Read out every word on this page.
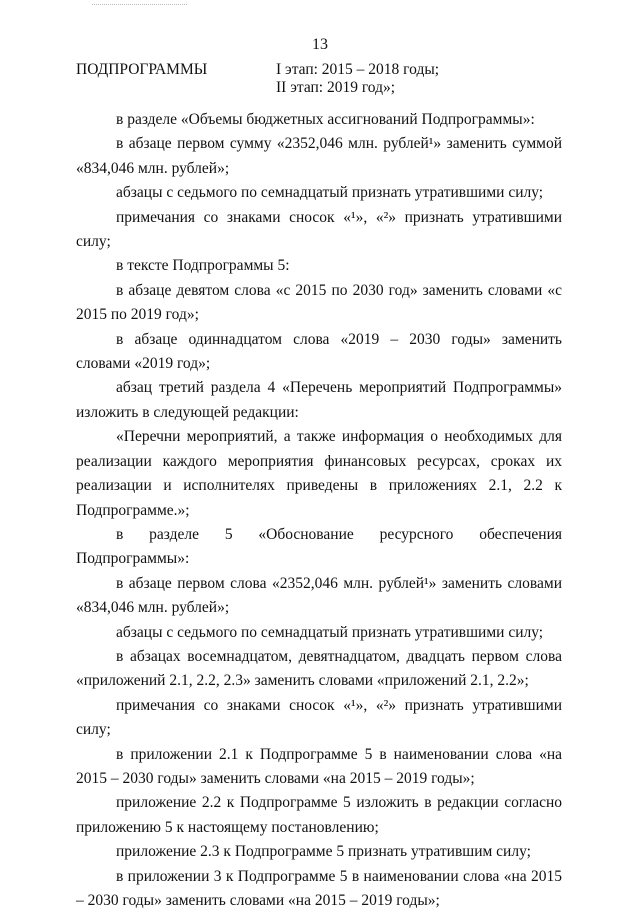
13
ПОДПРОГРАММЫ	I этап: 2015 – 2018 годы;
II этап: 2019 год»;

в разделе «Объемы бюджетных ассигнований Подпрограммы»:

в абзаце первом сумму «2352,046 млн. рублей¹» заменить суммой «834,046 млн. рублей»;

абзацы с седьмого по семнадцатый признать утратившими силу;

примечания со знаками сносок «¹», «²» признать утратившими силу;

в тексте Подпрограммы 5:

в абзаце девятом слова «с 2015 по 2030 год» заменить словами «с 2015 по 2019 год»;

в абзаце одиннадцатом слова «2019 – 2030 годы» заменить словами «2019 год»;

абзац третий раздела 4 «Перечень мероприятий Подпрограммы» изложить в следующей редакции:

«Перечни мероприятий, а также информация о необходимых для реализации каждого мероприятия финансовых ресурсах, сроках их реализации и исполнителях приведены в приложениях 2.1, 2.2 к Подпрограмме.»;

в разделе 5 «Обоснование ресурсного обеспечения Подпрограммы»:

в абзаце первом слова «2352,046 млн. рублей¹» заменить словами «834,046 млн. рублей»;

абзацы с седьмого по семнадцатый признать утратившими силу;

в абзацах восемнадцатом, девятнадцатом, двадцать первом слова «приложений 2.1, 2.2, 2.3» заменить словами «приложений 2.1, 2.2»;

примечания со знаками сносок «¹», «²» признать утратившими силу;

в приложении 2.1 к Подпрограмме 5 в наименовании слова «на 2015 – 2030 годы» заменить словами «на 2015 – 2019 годы»;

приложение 2.2 к Подпрограмме 5 изложить в редакции согласно приложению 5 к настоящему постановлению;

приложение 2.3 к Подпрограмме 5 признать утратившим силу;

в приложении 3 к Подпрограмме 5 в наименовании слова «на 2015 – 2030 годы» заменить словами «на 2015 – 2019 годы»;
